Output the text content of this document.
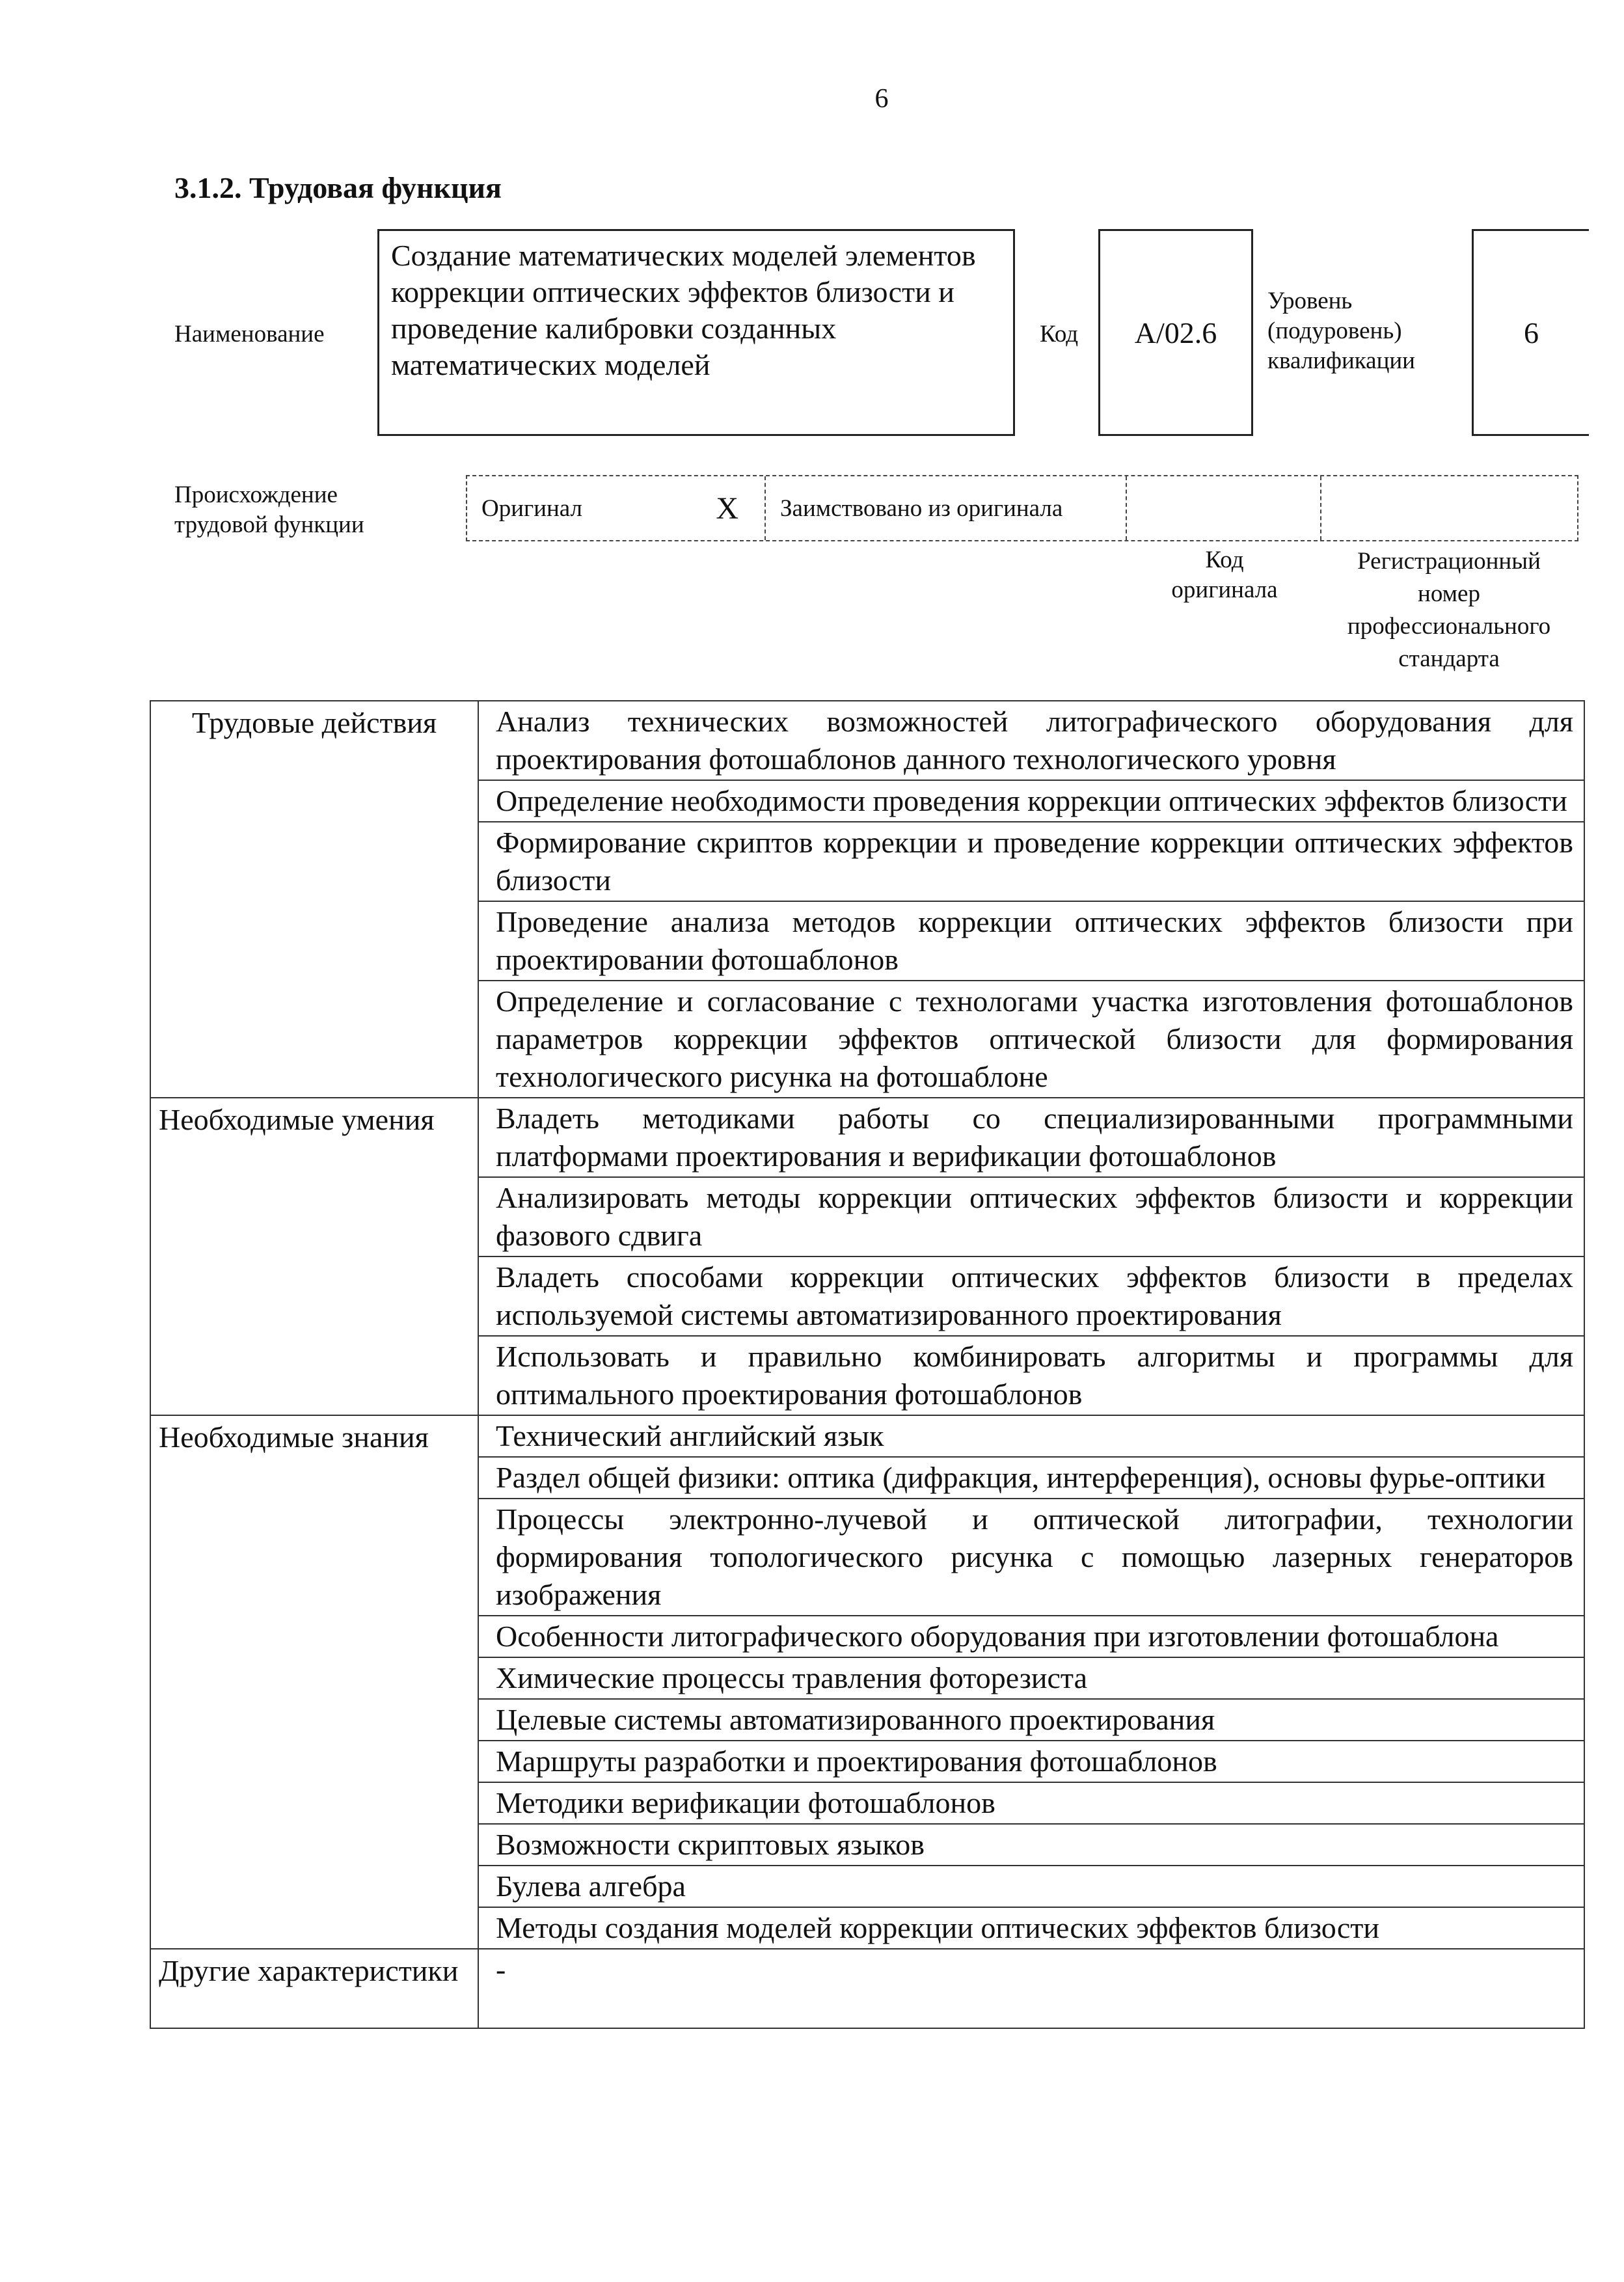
6
3.1.2. Трудовая функция
Наименование
Создание математических моделей элементов коррекции оптических эффектов близости и проведение калибровки созданных математических моделей
Код	A/02.6
Уровень (подуровень) квалификации
6
Происхождение трудовой функции
Оригинал	X Заимствовано из оригинала
Код оригинала
Регистрационный номер профессионального стандарта
Трудовые действия	Анализ технических возможностей литографического оборудования для проектирования фотошаблонов данного технологического уровня
	Определение необходимости проведения коррекции оптических эффектов близости
	Формирование скриптов коррекции и проведение коррекции оптических эффектов близости
	Проведение анализа методов коррекции оптических эффектов близости при проектировании фотошаблонов
	Определение и согласование с технологами участка изготовления фотошаблонов параметров коррекции эффектов оптической близости для формирования технологического рисунка на фотошаблоне
Необходимые умения	Владеть методиками работы со специализированными программными платформами проектирования и верификации фотошаблонов
	Анализировать методы коррекции оптических эффектов близости и коррекции фазового сдвига
	Владеть способами коррекции оптических эффектов близости в пределах используемой системы автоматизированного проектирования
	Использовать и правильно комбинировать алгоритмы и программы для оптимального проектирования фотошаблонов
Необходимые знания	Технический английский язык
	Раздел общей физики: оптика (дифракция, интерференция), основы фурье-оптики
	Процессы электронно-лучевой и оптической литографии, технологии формирования топологического рисунка с помощью лазерных генераторов изображения
	Особенности литографического оборудования при изготовлении фотошаблона
	Химические процессы травления фоторезиста
	Целевые системы автоматизированного проектирования
	Маршруты разработки и проектирования фотошаблонов
	Методики верификации фотошаблонов
	Возможности скриптовых языков
	Булева алгебра
	Методы создания моделей коррекции оптических эффектов близости
Другие характеристики	-
